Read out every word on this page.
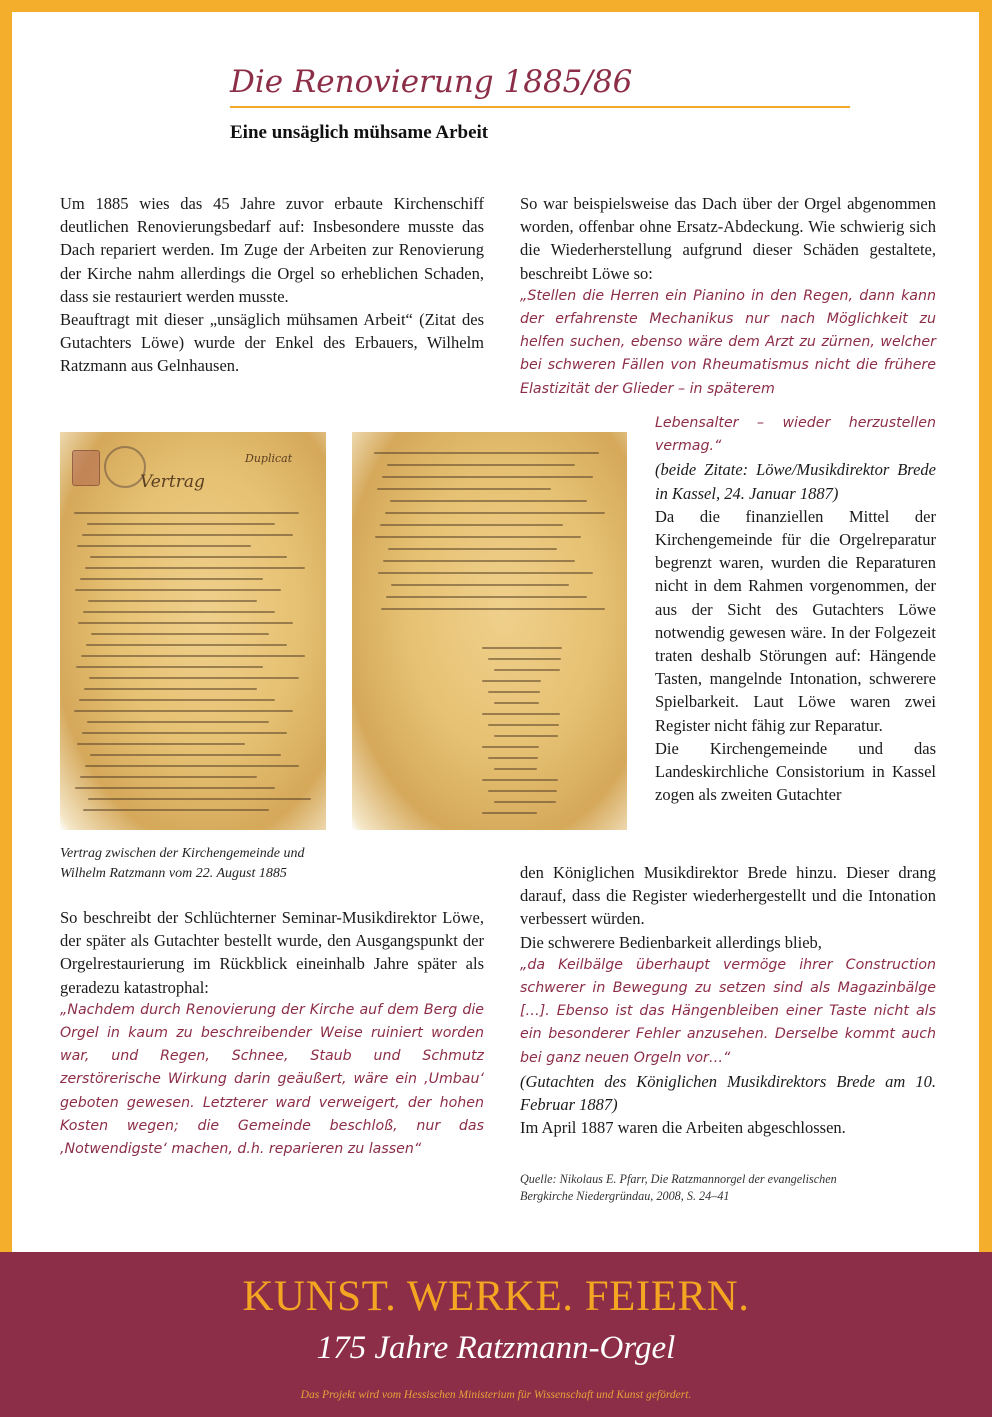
Die Renovierung 1885/86
Eine unsäglich mühsame Arbeit

Um 1885 wies das 45 Jahre zuvor erbaute Kirchenschiff deutlichen Renovierungsbedarf auf: Insbesondere musste das Dach repariert werden. Im Zuge der Arbeiten zur Renovierung der Kirche nahm allerdings die Orgel so erheblichen Schaden, dass sie restauriert werden musste.

Beauftragt mit dieser „unsäglich mühsamen Arbeit“ (Zitat des Gutachters Löwe) wurde der Enkel des Erbauers, Wilhelm Ratzmann aus Gelnhausen.

Duplicat
Vertrag
Vertrag zwischen der Kirchengemeinde und
Wilhelm Ratzmann vom 22. August 1885

So beschreibt der Schlüchterner Seminar-Musikdirektor Löwe, der später als Gutachter bestellt wurde, den Ausgangspunkt der Orgelrestaurierung im Rückblick eineinhalb Jahre später als geradezu katastrophal:

„Nachdem durch Renovierung der Kirche auf dem Berg die Orgel in kaum zu beschreibender Weise ruiniert worden war, und Regen, Schnee, Staub und Schmutz zerstörerische Wirkung darin geäußert, wäre ein ‚Umbau‘ geboten gewesen. Letzterer ward verweigert, der hohen Kosten wegen; die Gemeinde beschloß, nur das ‚Notwendigste‘ machen, d.h. reparieren zu lassen“

So war beispielsweise das Dach über der Orgel abgenommen worden, offenbar ohne Ersatz-Abdeckung. Wie schwierig sich die Wiederherstellung aufgrund dieser Schäden gestaltete, beschreibt Löwe so:

„Stellen die Herren ein Pianino in den Regen, dann kann der erfahrenste Mechanikus nur nach Möglichkeit zu helfen suchen, ebenso wäre dem Arzt zu zürnen, welcher bei schweren Fällen von Rheumatismus nicht die frühere Elastizität der Glieder – in späterem

Lebensalter – wieder herzustellen vermag.“

(beide Zitate: Löwe/Musikdirektor Brede in Kassel, 24. Januar 1887)

Da die finanziellen Mittel der Kirchengemeinde für die Orgelreparatur begrenzt waren, wurden die Reparaturen nicht in dem Rahmen vorgenommen, der aus der Sicht des Gutachters Löwe notwendig gewesen wäre. In der Folgezeit traten deshalb Störungen auf: Hängende Tasten, mangelnde Intonation, schwerere Spielbarkeit. Laut Löwe waren zwei Register nicht fähig zur Reparatur.

Die Kirchengemeinde und das Landeskirchliche Consistorium in Kassel zogen als zweiten Gutachter

den Königlichen Musikdirektor Brede hinzu. Dieser drang darauf, dass die Register wiederhergestellt und die Intonation verbessert würden.

Die schwerere Bedienbarkeit allerdings blieb,

„da Keilbälge überhaupt vermöge ihrer Construction schwerer in Bewegung zu setzen sind als Magazinbälge […]. Ebenso ist das Hängenbleiben einer Taste nicht als ein besonderer Fehler anzusehen. Derselbe kommt auch bei ganz neuen Orgeln vor…“

(Gutachten des Königlichen Musikdirektors Brede am 10. Februar 1887)

Im April 1887 waren die Arbeiten abgeschlossen.

Quelle: Nikolaus E. Pfarr, Die Ratzmannorgel der evangelischen
Bergkirche Niedergründau, 2008, S. 24–41
KUNST. WERKE. FEIERN.
175 Jahre Ratzmann-Orgel
Das Projekt wird vom Hessischen Ministerium für Wissenschaft und Kunst gefördert.
